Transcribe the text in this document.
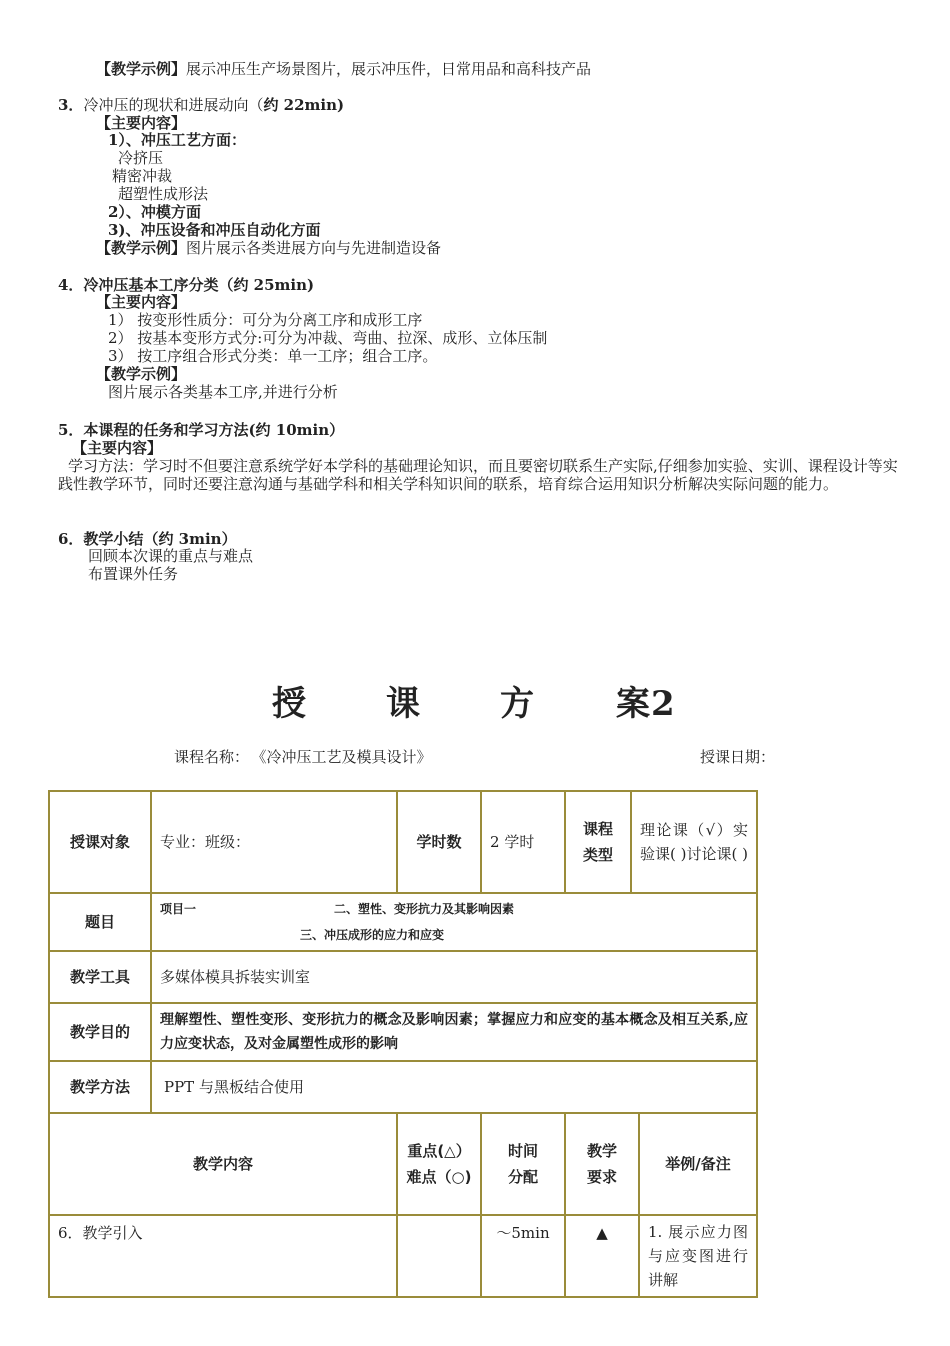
【教学示例】展示冲压生产场景图片，展示冲压件，日常用品和高科技产品
3．冷冲压的现状和进展动向（约 22min)
【主要内容】
1）、冲压工艺方面：
冷挤压
精密冲裁
超塑性成形法
2）、冲模方面
3)、冲压设备和冲压自动化方面
【教学示例】图片展示各类进展方向与先进制造设备
4．冷冲压基本工序分类（约 25min)
【主要内容】
1） 按变形性质分：可分为分离工序和成形工序
2） 按基本变形方式分:可分为冲裁、弯曲、拉深、成形、立体压制
3） 按工序组合形式分类：单一工序；组合工序。
【教学示例】
图片展示各类基本工序,并进行分析
5．本课程的任务和学习方法(约 10min）
【主要内容】
学习方法：学习时不但要注意系统学好本学科的基础理论知识，而且要密切联系生产实际,仔细参加实验、实训、课程设计等实践性教学环节，同时还要注意沟通与基础学科和相关学科知识间的联系，培育综合运用知识分析解决实际问题的能力。
6．教学小结（约 3min）
回顾本次课的重点与难点
布置课外任务
授 课 方 案2
课程名称： 《冷冲压工艺及模具设计》	授课日期：
授课对象	专业：班级：	学时数	2 学时	课程类型	理论课（√）实验课( )讨论课( )	
题目	项目一 二、塑性、变形抗力及其影响因素
三、冲压成形的应力和应变					

教学工具	多媒体模具拆装实训室					
教学目的	理解塑性、塑性变形、变形抗力的概念及影响因素；掌握应力和应变的基本概念及相互关系,应力应变状态，及对金属塑性成形的影响					
教学方法	PPT 与黑板结合使用					
教学内容		重点(△）难点（○)	时间分配	教学要求		举例/备注
6．教学引入			～5min	▲		1. 展示应力图与应变图进行讲解
